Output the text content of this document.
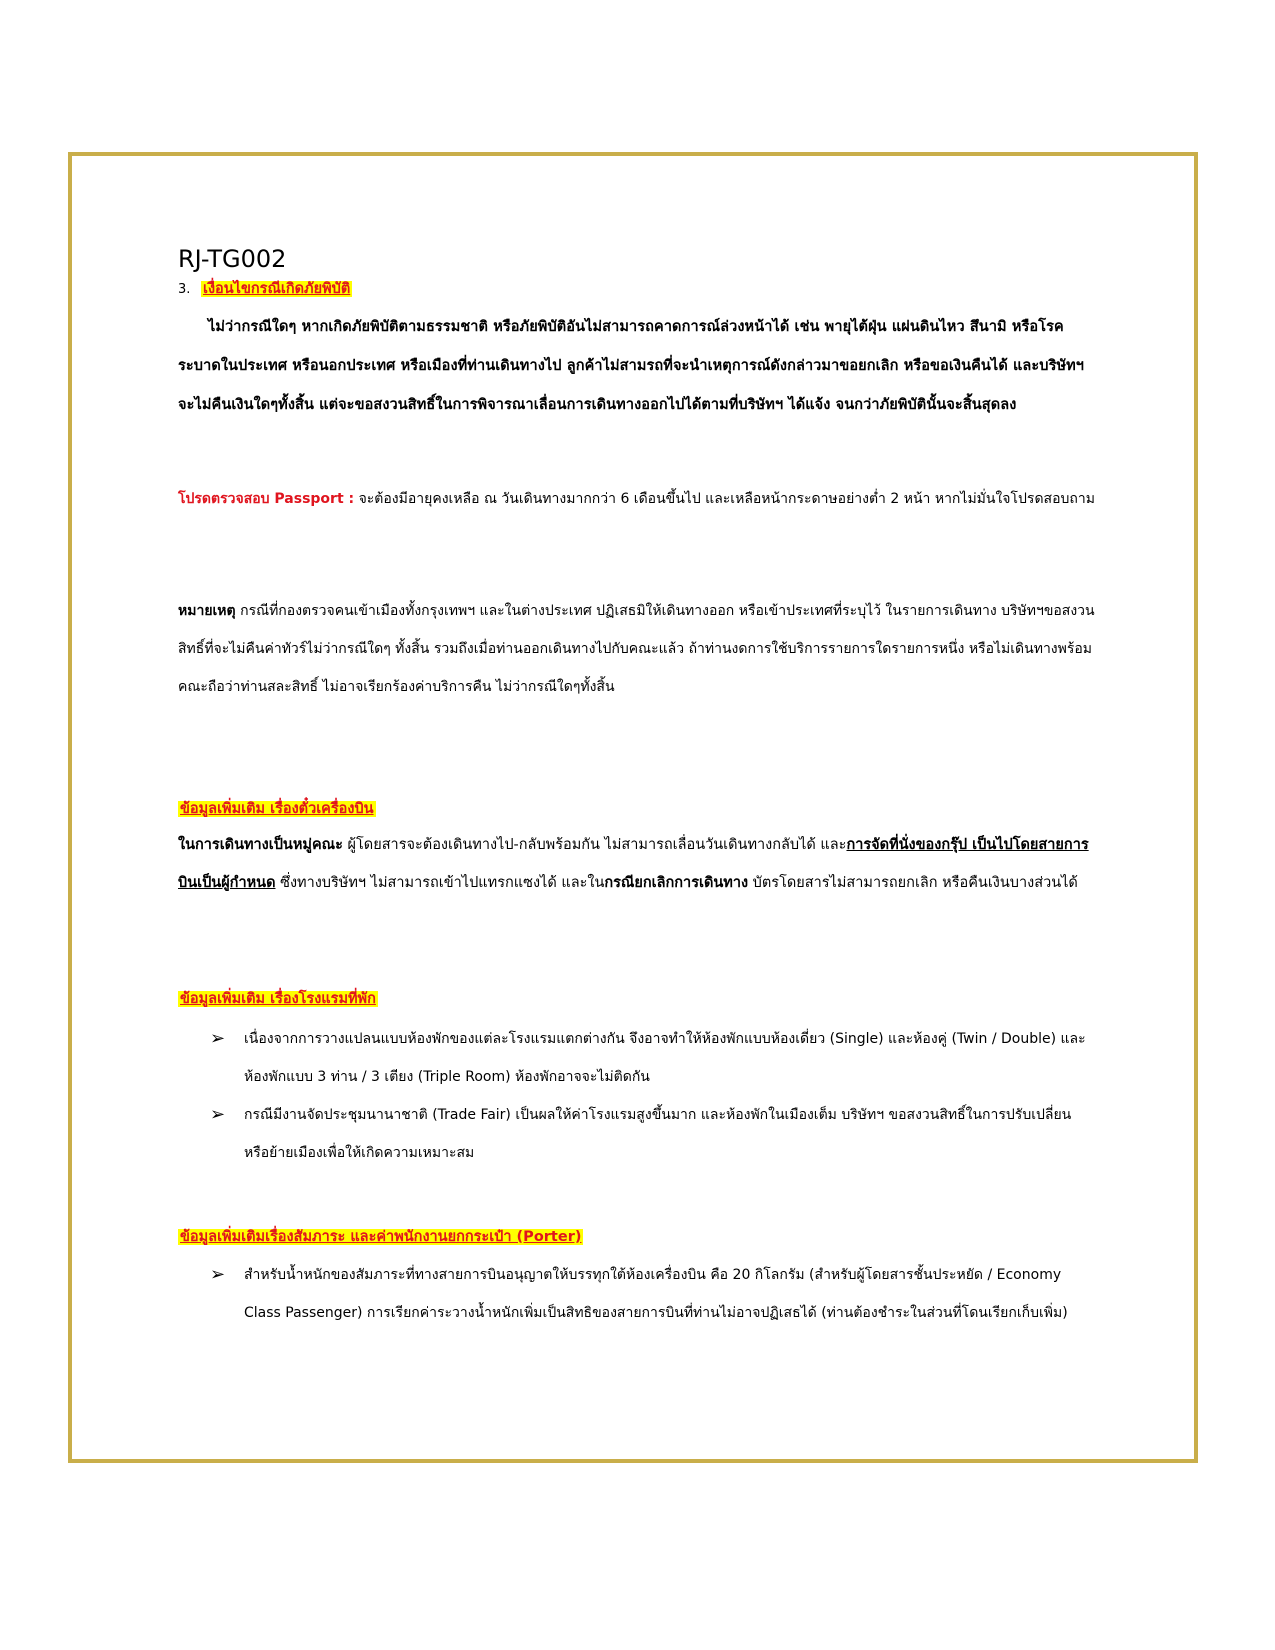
RJ-TG002
3. เงื่อนไขกรณีเกิดภัยพิบัติ
ไม่ว่ากรณีใดๆ หากเกิดภัยพิบัติตามธรรมชาติ หรือภัยพิบัติอันไม่สามารถคาดการณ์ล่วงหน้าได้ เช่น พายุไต้ฝุ่น แผ่นดินไหว สึนามิ หรือโรคระบาดในประเทศ หรือนอกประเทศ หรือเมืองที่ท่านเดินทางไป ลูกค้าไม่สามรถที่จะนำเหตุการณ์ดังกล่าวมาขอยกเลิก หรือขอเงินคืนได้ และบริษัทฯ จะไม่คืนเงินใดๆทั้งสิ้น แต่จะขอสงวนสิทธิ์ในการพิจารณาเลื่อนการเดินทางออกไปได้ตามที่บริษัทฯ ได้แจ้ง จนกว่าภัยพิบัตินั้นจะสิ้นสุดลง
โปรดตรวจสอบ Passport : จะต้องมีอายุคงเหลือ ณ วันเดินทางมากกว่า 6 เดือนขึ้นไป และเหลือหน้ากระดาษอย่างต่ำ 2 หน้า หากไม่มั่นใจโปรดสอบถาม
หมายเหตุ กรณีที่กองตรวจคนเข้าเมืองทั้งกรุงเทพฯ และในต่างประเทศ ปฏิเสธมิให้เดินทางออก หรือเข้าประเทศที่ระบุไว้ ในรายการเดินทาง บริษัทฯขอสงวนสิทธิ์ที่จะไม่คืนค่าทัวร์ไม่ว่ากรณีใดๆ ทั้งสิ้น รวมถึงเมื่อท่านออกเดินทางไปกับคณะแล้ว ถ้าท่านงดการใช้บริการรายการใดรายการหนึ่ง หรือไม่เดินทางพร้อมคณะถือว่าท่านสละสิทธิ์ ไม่อาจเรียกร้องค่าบริการคืน ไม่ว่ากรณีใดๆทั้งสิ้น
ข้อมูลเพิ่มเติม เรื่องตั๋วเครื่องบิน
ในการเดินทางเป็นหมู่คณะ ผู้โดยสารจะต้องเดินทางไป-กลับพร้อมกัน ไม่สามารถเลื่อนวันเดินทางกลับได้ และการจัดที่นั่งของกรุ๊ป เป็นไปโดยสายการบินเป็นผู้กำหนด ซึ่งทางบริษัทฯ ไม่สามารถเข้าไปแทรกแซงได้ และในกรณียกเลิกการเดินทาง บัตรโดยสารไม่สามารถยกเลิก หรือคืนเงินบางส่วนได้
ข้อมูลเพิ่มเติม เรื่องโรงแรมที่พัก
➢ เนื่องจากการวางแปลนแบบห้องพักของแต่ละโรงแรมแตกต่างกัน จึงอาจทำให้ห้องพักแบบห้องเดี่ยว (Single) และห้องคู่ (Twin / Double) และ ห้องพักแบบ 3 ท่าน / 3 เตียง (Triple Room) ห้องพักอาจจะไม่ติดกัน
➢ กรณีมีงานจัดประชุมนานาชาติ (Trade Fair) เป็นผลให้ค่าโรงแรมสูงขึ้นมาก และห้องพักในเมืองเต็ม บริษัทฯ ขอสงวนสิทธิ์ในการปรับเปลี่ยน หรือย้ายเมืองเพื่อให้เกิดความเหมาะสม
ข้อมูลเพิ่มเติมเรื่องสัมภาระ และค่าพนักงานยกกระเป๋า (Porter)
➢ สำหรับน้ำหนักของสัมภาระที่ทางสายการบินอนุญาตให้บรรทุกใต้ห้องเครื่องบิน คือ 20 กิโลกรัม (สำหรับผู้โดยสารชั้นประหยัด / Economy Class Passenger) การเรียกค่าระวางน้ำหนักเพิ่มเป็นสิทธิของสายการบินที่ท่านไม่อาจปฏิเสธได้ (ท่านต้องชำระในส่วนที่โดนเรียกเก็บเพิ่ม)
